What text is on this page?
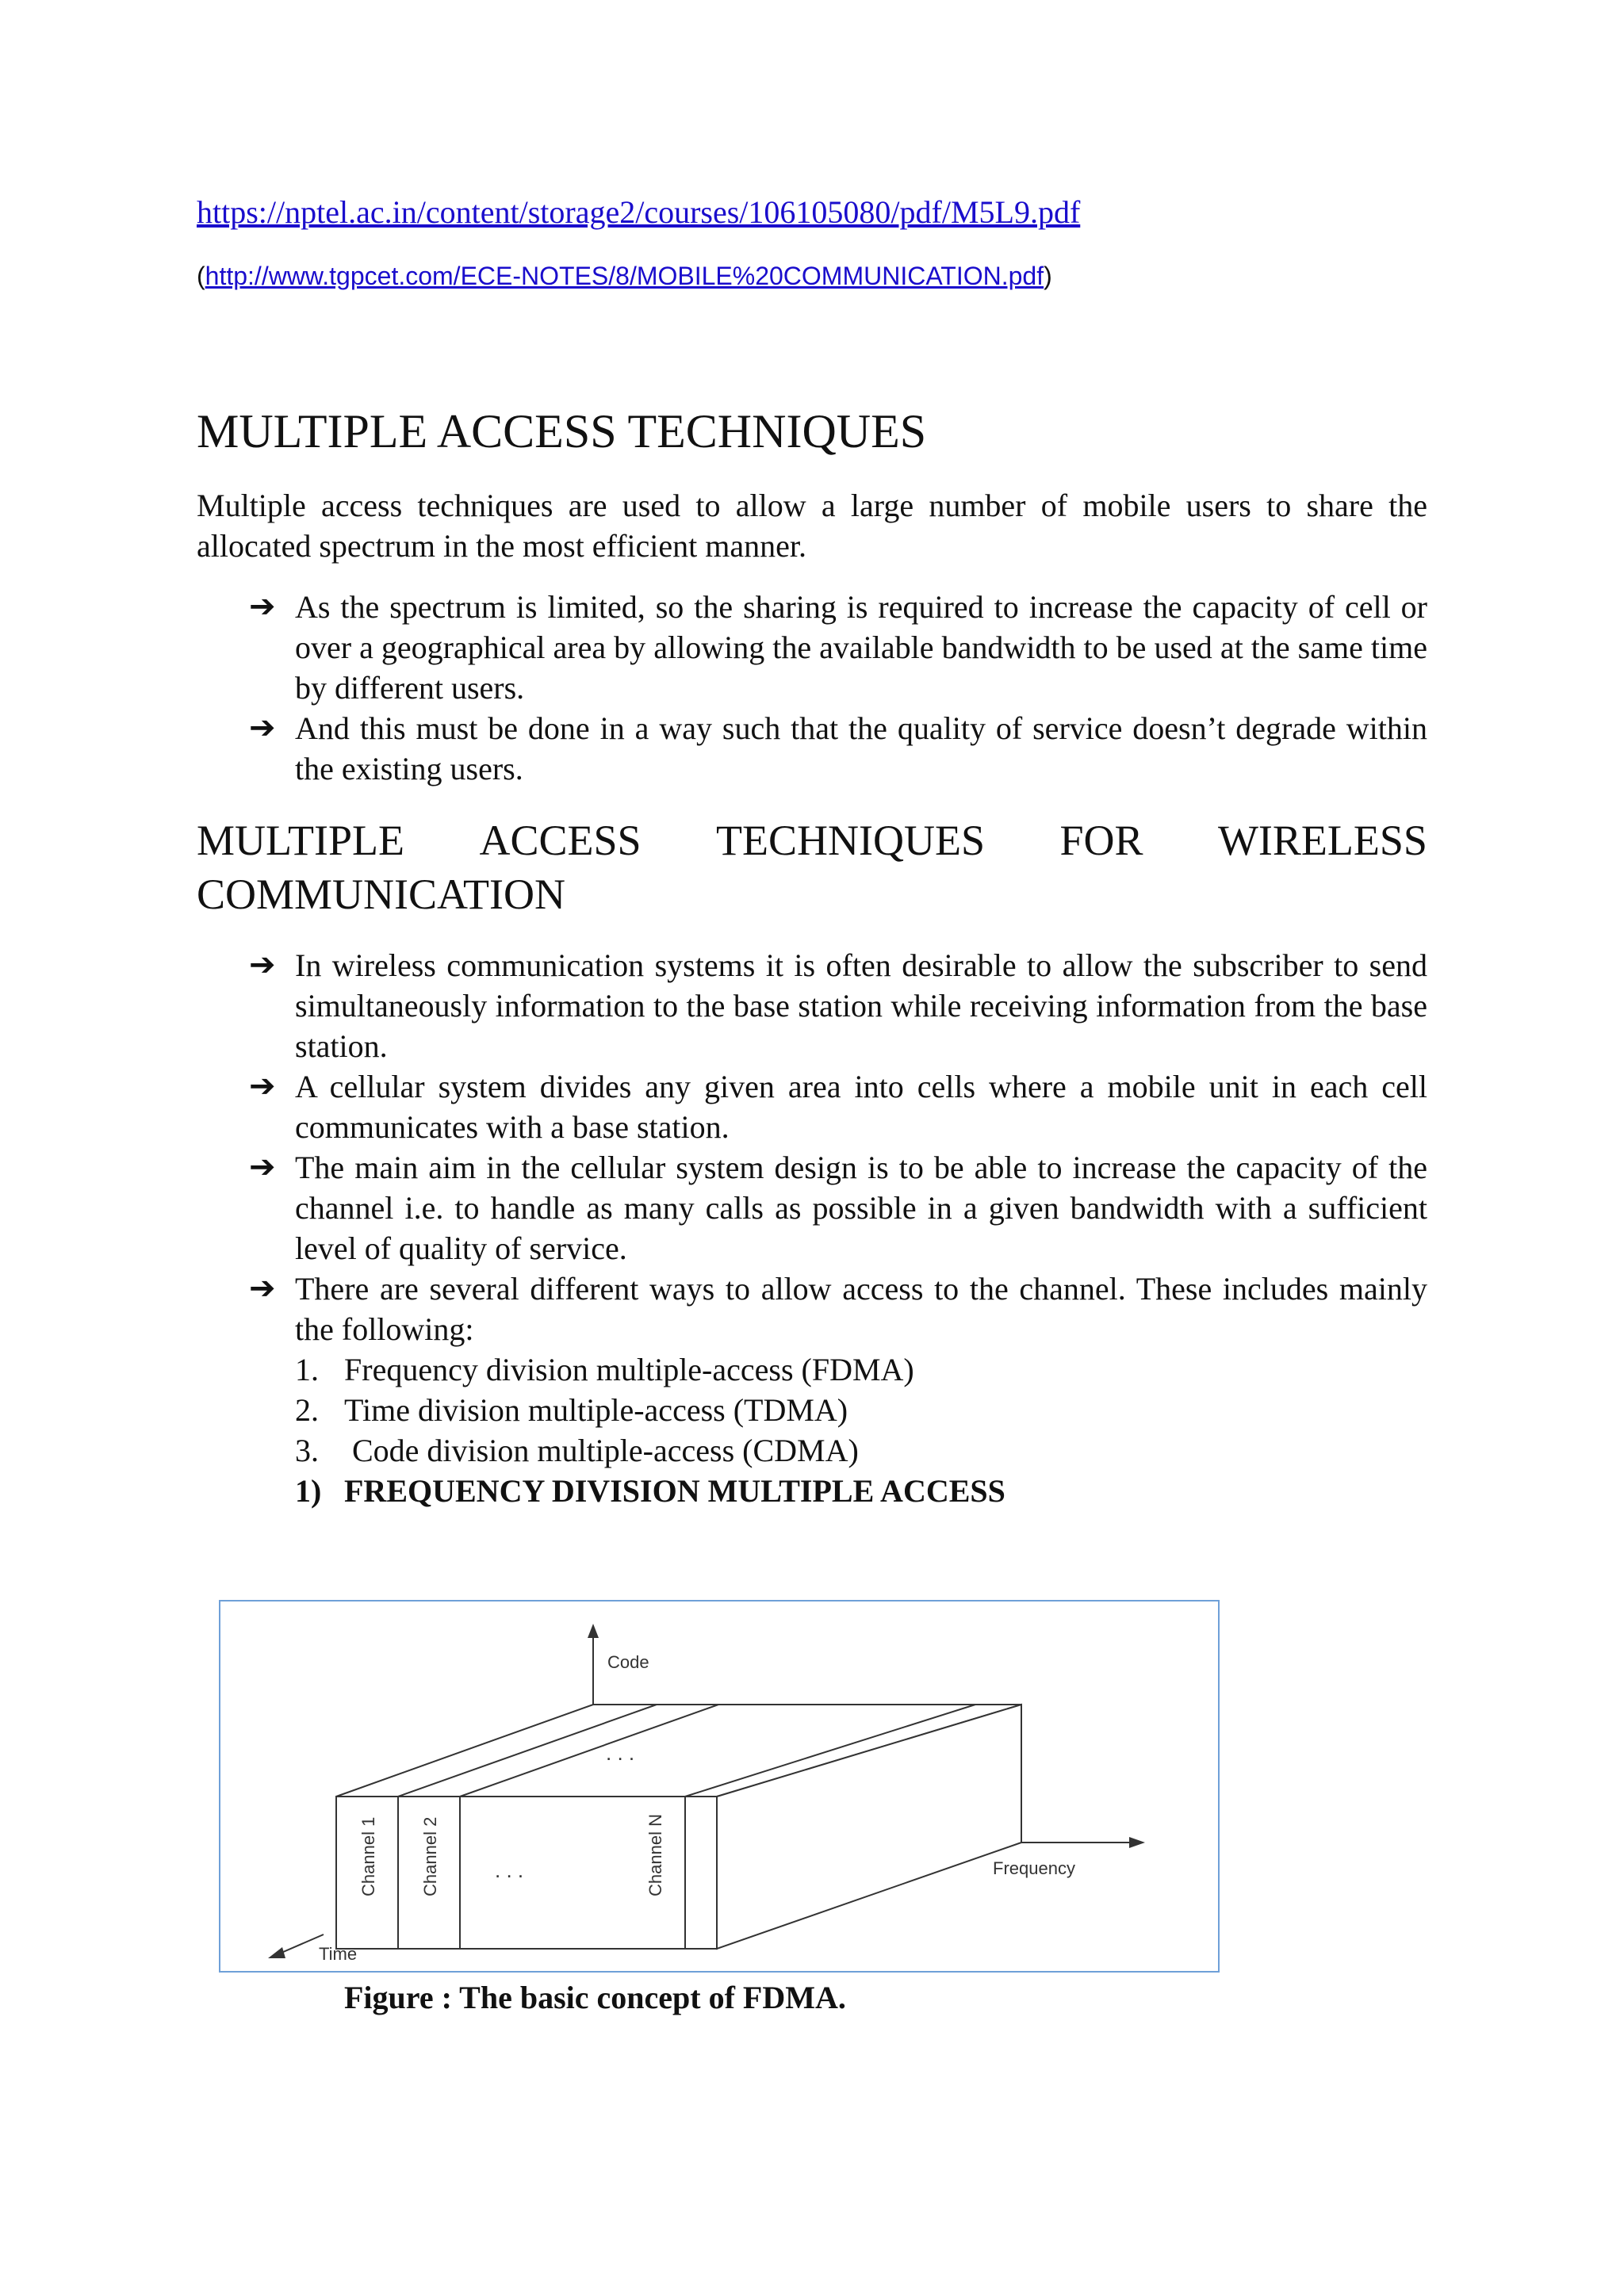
https://nptel.ac.in/content/storage2/courses/106105080/pdf/M5L9.pdf
(http://www.tgpcet.com/ECE-NOTES/8/MOBILE%20COMMUNICATION.pdf)
MULTIPLE ACCESS TECHNIQUES

Multiple access techniques are used to allow a large number of mobile users to share the allocated spectrum in the most efficient manner.

➔ As the spectrum is limited, so the sharing is required to increase the capacity of cell or over a geographical area by allowing the available bandwidth to be used at the same time by different users.
➔ And this must be done in a way such that the quality of service doesn’t degrade within the existing users.
MULTIPLE ACCESS TECHNIQUES FOR WIRELESS
COMMUNICATION
➔ In wireless communication systems it is often desirable to allow the subscriber to send simultaneously information to the base station while receiving information from the base station.
➔ A cellular system divides any given area into cells where a mobile unit in each cell communicates with a base station.
➔ The main aim in the cellular system design is to be able to increase the capacity of the channel i.e. to handle as many calls as possible in a given bandwidth with a sufficient level of quality of service.
➔ There are several different ways to allow access to the channel. These includes mainly the following:
1. Frequency division multiple-access (FDMA)
2. Time division multiple-access (TDMA)
3. Code division multiple-access (CDMA)
1) FREQUENCY DIVISION MULTIPLE ACCESS
Code
Frequency
Time
. . .
. . .
Channel 1 Channel 2	Channel N
Figure : The basic concept of FDMA.
